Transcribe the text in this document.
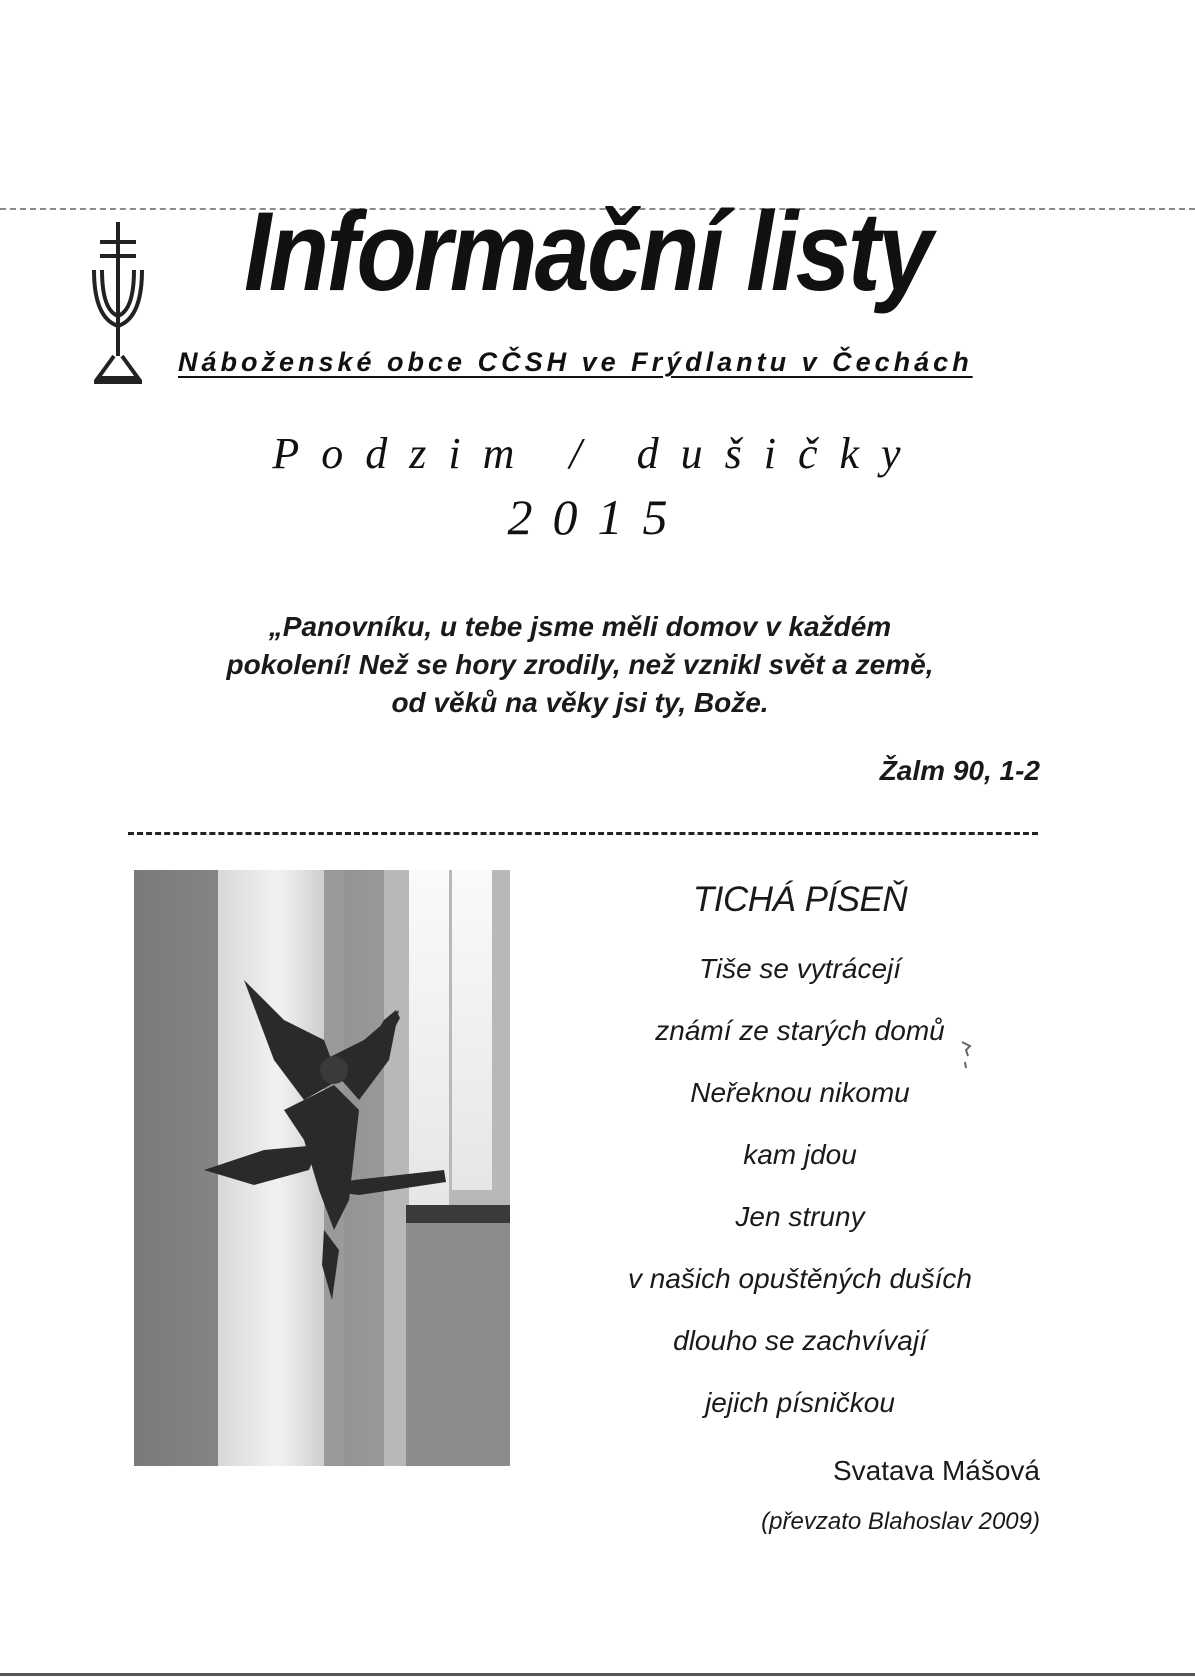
Informační listy
Náboženské obce CČSH ve Frýdlantu v Čechách
Podzim / dušičky
2015
„Panovníku, u tebe jsme měli domov v každém
pokolení! Než se hory zrodily, než vznikl svět a země,
od věků na věky jsi ty, Bože.
Žalm 90, 1-2
TICHÁ PÍSEŇ
Tiše se vytrácejí
známí ze starých domů
Neřeknou nikomu
kam jdou
Jen struny
v našich opuštěných duších
dlouho se zachvívají
jejich písničkou
Svatava Mášová
(převzato Blahoslav 2009)
